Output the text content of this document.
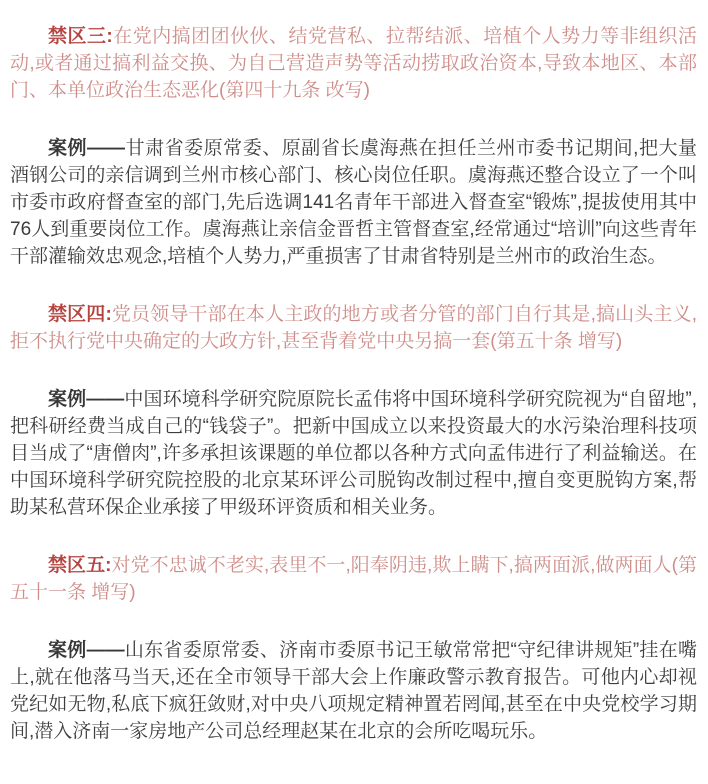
禁区三:在党内搞团团伙伙、结党营私、拉帮结派、培植个人势力等非组织活动,或者通过搞利益交换、为自己营造声势等活动捞取政治资本,导致本地区、本部门、本单位政治生态恶化(第四十九条 改写)

案例——甘肃省委原常委、原副省长虞海燕在担任兰州市委书记期间,把大量酒钢公司的亲信调到兰州市核心部门、核心岗位任职。虞海燕还整合设立了一个叫市委市政府督查室的部门,先后选调141名青年干部进入督查室“锻炼”,提拔使用其中76人到重要岗位工作。虞海燕让亲信金晋哲主管督查室,经常通过“培训”向这些青年干部灌输效忠观念,培植个人势力,严重损害了甘肃省特别是兰州市的政治生态。

禁区四:党员领导干部在本人主政的地方或者分管的部门自行其是,搞山头主义,拒不执行党中央确定的大政方针,甚至背着党中央另搞一套(第五十条 增写)

案例——中国环境科学研究院原院长孟伟将中国环境科学研究院视为“自留地”,把科研经费当成自己的“钱袋子”。把新中国成立以来投资最大的水污染治理科技项目当成了“唐僧肉”,许多承担该课题的单位都以各种方式向孟伟进行了利益输送。在中国环境科学研究院控股的北京某环评公司脱钩改制过程中,擅自变更脱钩方案,帮助某私营环保企业承接了甲级环评资质和相关业务。

禁区五:对党不忠诚不老实,表里不一,阳奉阴违,欺上瞒下,搞两面派,做两面人(第五十一条 增写)

案例——山东省委原常委、济南市委原书记王敏常常把“守纪律讲规矩”挂在嘴上,就在他落马当天,还在全市领导干部大会上作廉政警示教育报告。可他内心却视党纪如无物,私底下疯狂敛财,对中央八项规定精神置若罔闻,甚至在中央党校学习期间,潜入济南一家房地产公司总经理赵某在北京的会所吃喝玩乐。
